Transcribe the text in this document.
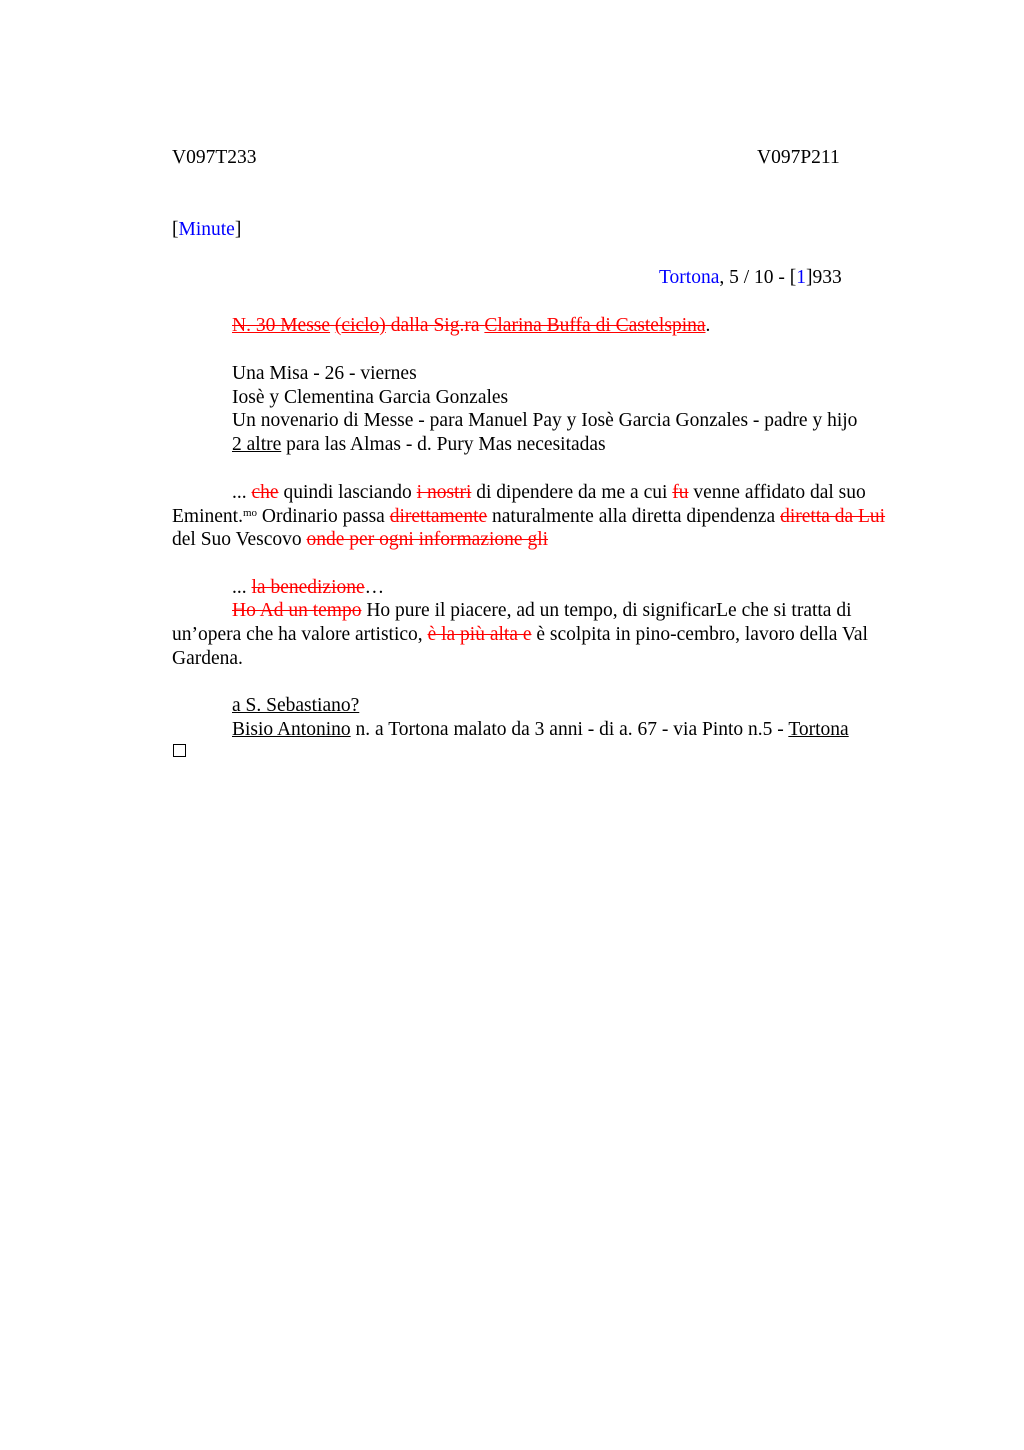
V097T233	V097P211
[Minute]
Tortona, 5 / 10 - [1]933
N. 30 Messe (ciclo) dalla Sig.ra Clarina Buffa di Castelspina.
Una Misa - 26 - viernes
Iosè y Clementina Garcia Gonzales
Un novenario di Messe - para Manuel Pay y Iosè Garcia Gonzales - padre y hijo
2 altre para las Almas - d. Pury Mas necesitadas
... che quindi lasciando i nostri di dipendere da me a cui fu venne affidato dal suo
Eminent.$^{mo}$ Ordinario passa direttamente naturalmente alla diretta dipendenza diretta da Lui
del Suo Vescovo onde per ogni informazione gli
... la benedizione…
Ho Ad un tempo Ho pure il piacere, ad un tempo, di significarLe che si tratta di
un’opera che ha valore artistico, è la più alta e è scolpita in pino-cembro, lavoro della Val
Gardena.
a S. Sebastiano?
Bisio Antonino n. a Tortona malato da 3 anni - di a. 67 - via Pinto n.5 - Tortona
